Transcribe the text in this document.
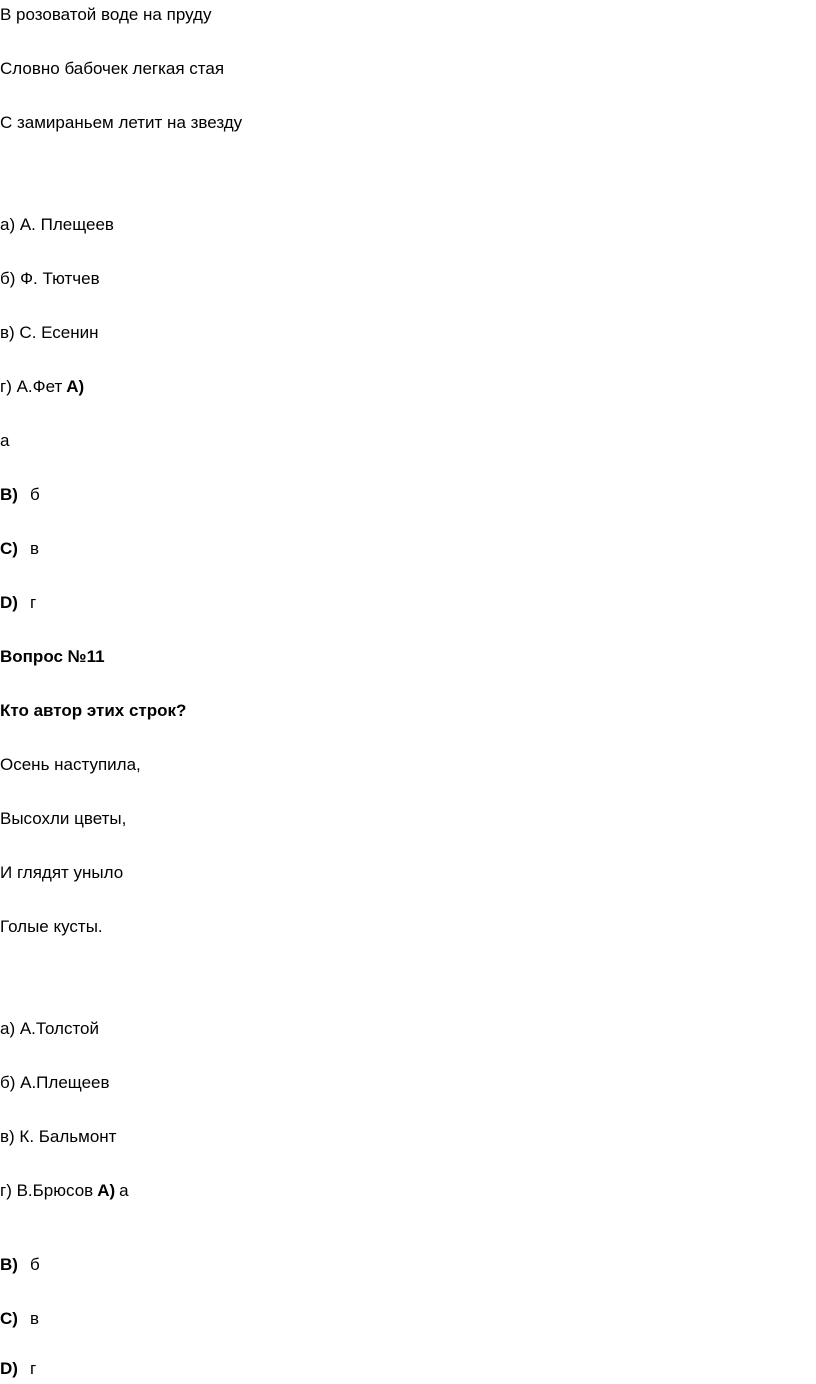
В розоватой воде на пруду
Словно бабочек легкая стая
С замираньем летит на звезду
а) А. Плещеев
б) Ф. Тютчев
в) С. Есенин
г) А.Фет A)
а
B) б
C) в
D) г
Вопрос №11
Кто автор этих строк?
Осень наступила,
Высохли цветы,
И глядят уныло
Голые кусты.
а) А.Толстой
б) А.Плещеев
в) К. Бальмонт
г) В.Брюсов A) а
B) б
C) в
D) г
